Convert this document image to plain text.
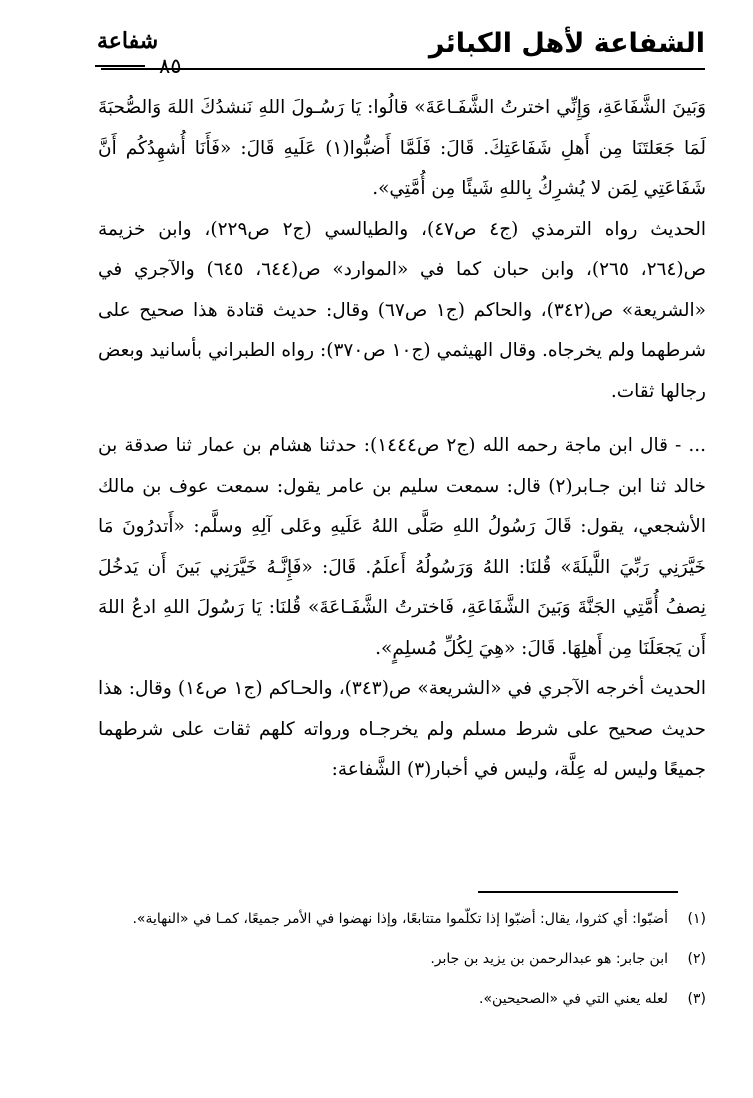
الشفاعة لأهل الكبائر
شفاعة
٨٥

وَبَينَ الشَّفَاعَةِ، وَإِنِّي اخترتُ الشَّفَـاعَةَ» قالُوا: يَا رَسُـولَ اللهِ نَنشدُكَ اللهَ وَالصُّحبَةَ لَمَا جَعَلتَنَا مِن أَهلِ شَفَاعَتِكَ. قَالَ: فَلَمَّا أَضبُّوا(١) عَلَيهِ قَالَ: «فَأَنَا أُشهِدُكُم أَنَّ شَفَاعَتِي لِمَن لا يُشرِكُ بِاللهِ شَيئًا مِن أُمَّتِي».

الحديث رواه الترمذي (ج٤ ص٤٧)، والطيالسي (ج٢ ص٢٢٩)، وابن خزيمة ص(٢٦٤، ٢٦٥)، وابن حبان كما في «الموارد» ص(٦٤٤، ٦٤٥) والآجري في «الشريعة» ص(٣٤٢)، والحاكم (ج١ ص٦٧) وقال: حديث قتادة هذا صحيح على شرطهما ولم يخرجاه. وقال الهيثمي (ج١٠ ص٣٧٠): رواه الطبراني بأسانيد وبعض رجالها ثقات.

... - قال ابن ماجة رحمه الله (ج٢ ص١٤٤٤): حدثنا هشام بن عمار ثنا صدقة بن خالد ثنا ابن جـابر(٢) قال: سمعت سليم بن عامر يقول: سمعت عوف بن مالك الأشجعي، يقول: قَالَ رَسُولُ اللهِ صَلَّى اللهُ عَلَيهِ وعَلى آلِهِ وسلَّم: «أَتدرُونَ مَا خَيَّرَنِي رَبِّيَ اللَّيلَةَ» قُلنَا: اللهُ وَرَسُولُهُ أَعلَمُ. قَالَ: «فَإِنَّـهُ خَيَّرَنِي بَينَ أَن يَدخُلَ نِصفُ أُمَّتِي الجَنَّةَ وَبَينَ الشَّفَاعَةِ، فَاخترتُ الشَّفَـاعَةَ» قُلنَا: يَا رَسُولَ اللهِ ادعُ اللهَ أَن يَجعَلَنَا مِن أَهلِهَا. قَالَ: «هِيَ لِكُلِّ مُسلِمٍ».

الحديث أخرجه الآجري في «الشريعة» ص(٣٤٣)، والحـاكم (ج١ ص١٤) وقال: هذا حديث صحيح على شرط مسلم ولم يخرجـاه ورواته كلهم ثقات على شرطهما جميعًا وليس له عِلَّة، وليس في أخبار(٣) الشَّفاعة:

(١)
أضبّوا: أي كثروا، يقال: أضبّوا إذا تكلّموا متتابعًا، وإذا نهضوا في الأمر جميعًا، كمـا في «النهاية».
(٢)
ابن جابر: هو عبدالرحمن بن يزيد بن جابر.
(٣)
لعله يعني التي في «الصحيحين».
